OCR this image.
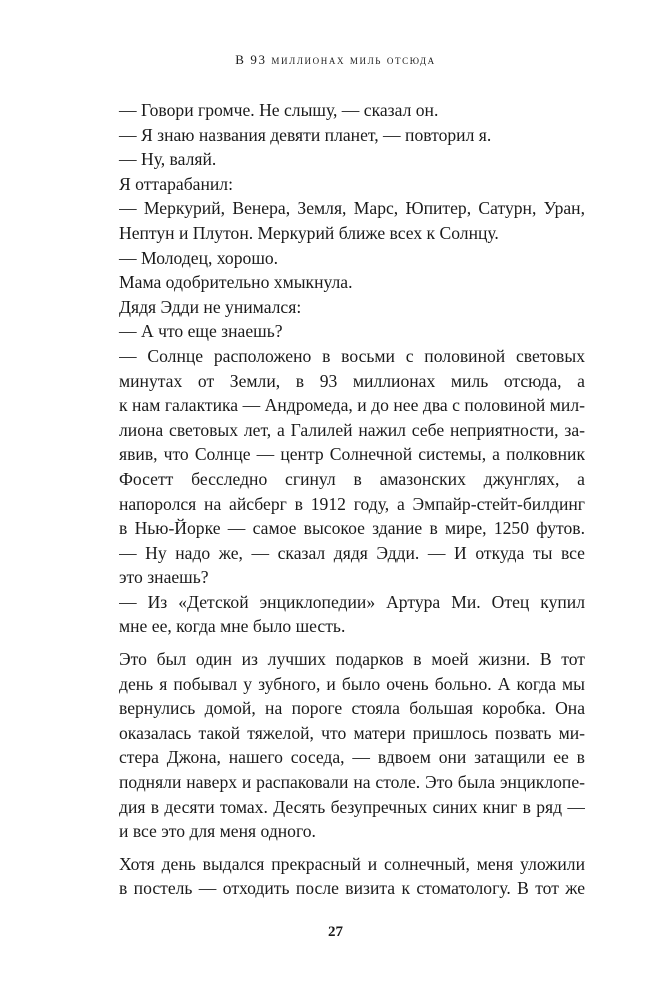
В 93 миллионах миль отсюда
— Говори громче. Не слышу, — сказал он.
— Я знаю названия девяти планет, — повторил я.
— Ну, валяй.
Я оттарабанил:
— Меркурий, Венера, Земля, Марс, Юпитер, Сатурн, Уран,
Нептун и Плутон. Меркурий ближе всех к Солнцу.
— Молодец, хорошо.
Мама одобрительно хмыкнула.
Дядя Эдди не унимался:
— А что еще знаешь?
— Солнце расположено в восьми с половиной световых
минутах от Земли, в 93 миллионах миль отсюда, а
к нам галактика — Андромеда, и до нее два с половиной мил-
лиона световых лет, а Галилей нажил себе неприятности, за-
явив, что Солнце — центр Солнечной системы, а полковник
Фосетт бесследно сгинул в амазонских джунглях, а
напоролся на айсберг в 1912 году, а Эмпайр-стейт-билдинг
в Нью-Йорке — самое высокое здание в мире, 1250 футов.
— Ну надо же, — сказал дядя Эдди. — И откуда ты все
это знаешь?
— Из «Детской энциклопедии» Артура Ми. Отец купил
мне ее, когда мне было шесть.
Это был один из лучших подарков в моей жизни. В тот
день я побывал у зубного, и было очень больно. А когда мы
вернулись домой, на пороге стояла большая коробка. Она
оказалась такой тяжелой, что матери пришлось позвать ми-
стера Джона, нашего соседа, — вдвоем они затащили ее в
подняли наверх и распаковали на столе. Это была энциклопе-
дия в десяти томах. Десять безупречных синих книг в ряд —
и все это для меня одного.
Хотя день выдался прекрасный и солнечный, меня уложили
в постель — отходить после визита к стоматологу. В тот же
27
